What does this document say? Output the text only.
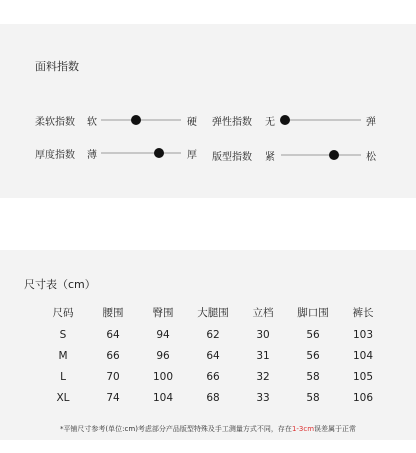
面料指数
柔软指数 软	硬 弹性指数 无	弹
厚度指数 薄	厚 版型指数 紧	松
尺寸表（cm）
尺码	腰围	臀围	大腿围	立档	脚口围	裤长
S	64	94	62	30	56	103
M	66	96	64	31	56	104
L	70	100	66	32	58	105
XL	74	104	68	33	58	106
*平铺尺寸参考(单位:cm)考虑部分产品版型特殊及手工测量方式不同，存在1-3cm误差属于正常
